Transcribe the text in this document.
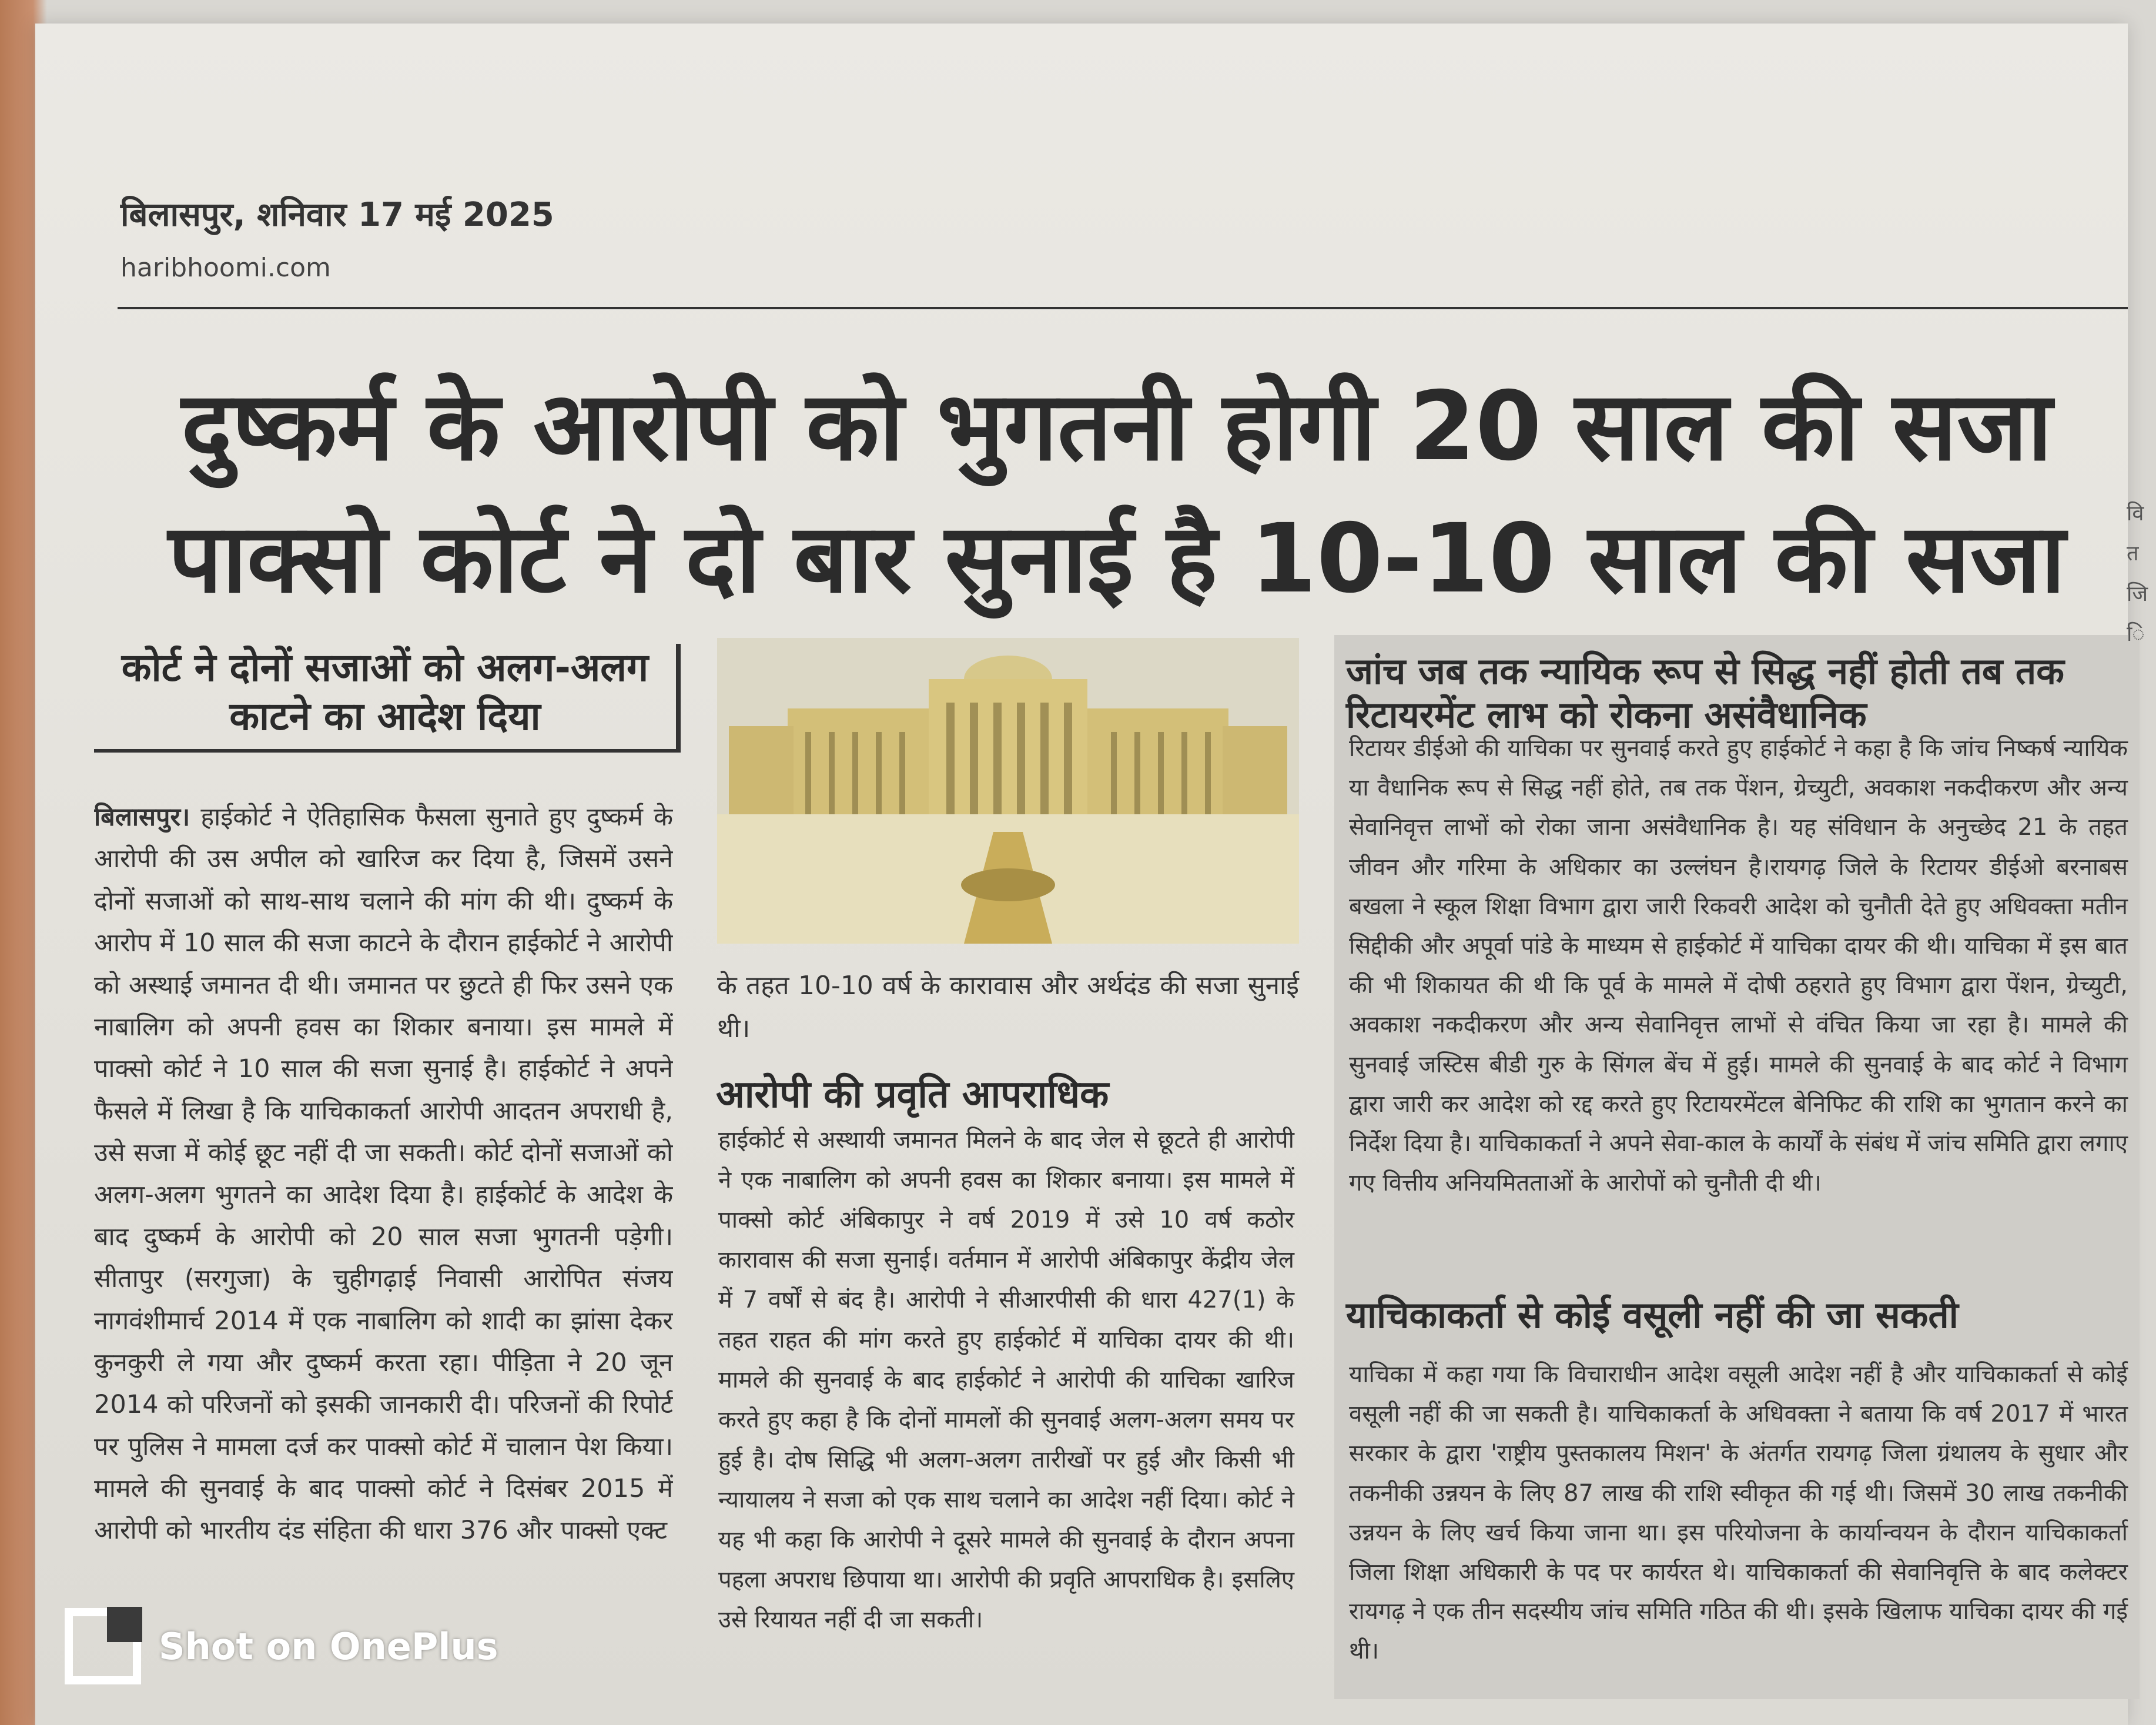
बिलासपुर, शनिवार 17 मई 2025
haribhoomi.com
दुष्कर्म के आरोपी को भुगतनी होगी 20 साल की सजा
पाक्सो कोर्ट ने दो बार सुनाई है 10-10 साल की सजा
कोर्ट ने दोनों सजाओं को अलग-अलग काटने का आदेश दिया
बिलासपुर। हाईकोर्ट ने ऐतिहासिक फैसला सुनाते हुए दुष्कर्म के आरोपी की उस अपील को खारिज कर दिया है, जिसमें उसने दोनों सजाओं को साथ-साथ चलाने की मांग की थी। दुष्कर्म के आरोप में 10 साल की सजा काटने के दौरान हाईकोर्ट ने आरोपी को अस्थाई जमानत दी थी। जमानत पर छुटते ही फिर उसने एक नाबालिग को अपनी हवस का शिकार बनाया। इस मामले में पाक्सो कोर्ट ने 10 साल की सजा सुनाई है। हाईकोर्ट ने अपने फैसले में लिखा है कि याचिकाकर्ता आरोपी आदतन अपराधी है, उसे सजा में कोई छूट नहीं दी जा सकती। कोर्ट दोनों सजाओं को अलग-अलग भुगतने का आदेश दिया है। हाईकोर्ट के आदेश के बाद दुष्कर्म के आरोपी को 20 साल सजा भुगतनी पड़ेगी। सीतापुर (सरगुजा) के चुहीगढ़ाई निवासी आरोपित संजय नागवंशीमार्च 2014 में एक नाबालिग को शादी का झांसा देकर कुनकुरी ले गया और दुष्कर्म करता रहा। पीड़िता ने 20 जून 2014 को परिजनों को इसकी जानकारी दी। परिजनों की रिपोर्ट पर पुलिस ने मामला दर्ज कर पाक्सो कोर्ट में चालान पेश किया। मामले की सुनवाई के बाद पाक्सो कोर्ट ने दिसंबर 2015 में आरोपी को भारतीय दंड संहिता की धारा 376 और पाक्सो एक्ट
के तहत 10-10 वर्ष के कारावास और अर्थदंड की सजा सुनाई थी।
आरोपी की प्रवृति आपराधिक
हाईकोर्ट से अस्थायी जमानत मिलने के बाद जेल से छूटते ही आरोपी ने एक नाबालिग को अपनी हवस का शिकार बनाया। इस मामले में पाक्सो कोर्ट अंबिकापुर ने वर्ष 2019 में उसे 10 वर्ष कठोर कारावास की सजा सुनाई। वर्तमान में आरोपी अंबिकापुर केंद्रीय जेल में 7 वर्षों से बंद है। आरोपी ने सीआरपीसी की धारा 427(1) के तहत राहत की मांग करते हुए हाईकोर्ट में याचिका दायर की थी। मामले की सुनवाई के बाद हाईकोर्ट ने आरोपी की याचिका खारिज करते हुए कहा है कि दोनों मामलों की सुनवाई अलग-अलग समय पर हुई है। दोष सिद्धि भी अलग-अलग तारीखों पर हुई और किसी भी न्यायालय ने सजा को एक साथ चलाने का आदेश नहीं दिया। कोर्ट ने यह भी कहा कि आरोपी ने दूसरे मामले की सुनवाई के दौरान अपना पहला अपराध छिपाया था। आरोपी की प्रवृति आपराधिक है। इसलिए उसे रियायत नहीं दी जा सकती।
जांच जब तक न्यायिक रूप से सिद्ध नहीं होती तब तक रिटायरमेंट लाभ को रोकना असंवैधानिक
रिटायर डीईओ की याचिका पर सुनवाई करते हुए हाईकोर्ट ने कहा है कि जांच निष्कर्ष न्यायिक या वैधानिक रूप से सिद्ध नहीं होते, तब तक पेंशन, ग्रेच्युटी, अवकाश नकदीकरण और अन्य सेवानिवृत्त लाभों को रोका जाना असंवैधानिक है। यह संविधान के अनुच्छेद 21 के तहत जीवन और गरिमा के अधिकार का उल्लंघन है।रायगढ़ जिले के रिटायर डीईओ बरनाबस बखला ने स्कूल शिक्षा विभाग द्वारा जारी रिकवरी आदेश को चुनौती देते हुए अधिवक्ता मतीन सिद्दीकी और अपूर्वा पांडे के माध्यम से हाईकोर्ट में याचिका दायर की थी। याचिका में इस बात की भी शिकायत की थी कि पूर्व के मामले में दोषी ठहराते हुए विभाग द्वारा पेंशन, ग्रेच्युटी, अवकाश नकदीकरण और अन्य सेवानिवृत्त लाभों से वंचित किया जा रहा है। मामले की सुनवाई जस्टिस बीडी गुरु के सिंगल बेंच में हुई। मामले की सुनवाई के बाद कोर्ट ने विभाग द्वारा जारी कर आदेश को रद्द करते हुए रिटायरमेंटल बेनिफिट की राशि का भुगतान करने का निर्देश दिया है। याचिकाकर्ता ने अपने सेवा-काल के कार्यों के संबंध में जांच समिति द्वारा लगाए गए वित्तीय अनियमितताओं के आरोपों को चुनौती दी थी।
याचिकाकर्ता से कोई वसूली नहीं की जा सकती
याचिका में कहा गया कि विचाराधीन आदेश वसूली आदेश नहीं है और याचिकाकर्ता से कोई वसूली नहीं की जा सकती है। याचिकाकर्ता के अधिवक्ता ने बताया कि वर्ष 2017 में भारत सरकार के द्वारा 'राष्ट्रीय पुस्तकालय मिशन' के अंतर्गत रायगढ़ जिला ग्रंथालय के सुधार और तकनीकी उन्नयन के लिए 87 लाख की राशि स्वीकृत की गई थी। जिसमें 30 लाख तकनीकी उन्नयन के लिए खर्च किया जाना था। इस परियोजना के कार्यान्वयन के दौरान याचिकाकर्ता जिला शिक्षा अधिकारी के पद पर कार्यरत थे। याचिकाकर्ता की सेवानिवृत्ति के बाद कलेक्टर रायगढ़ ने एक तीन सदस्यीय जांच समिति गठित की थी। इसके खिलाफ याचिका दायर की गई थी।
वि त जि ि
Shot on OnePlus
